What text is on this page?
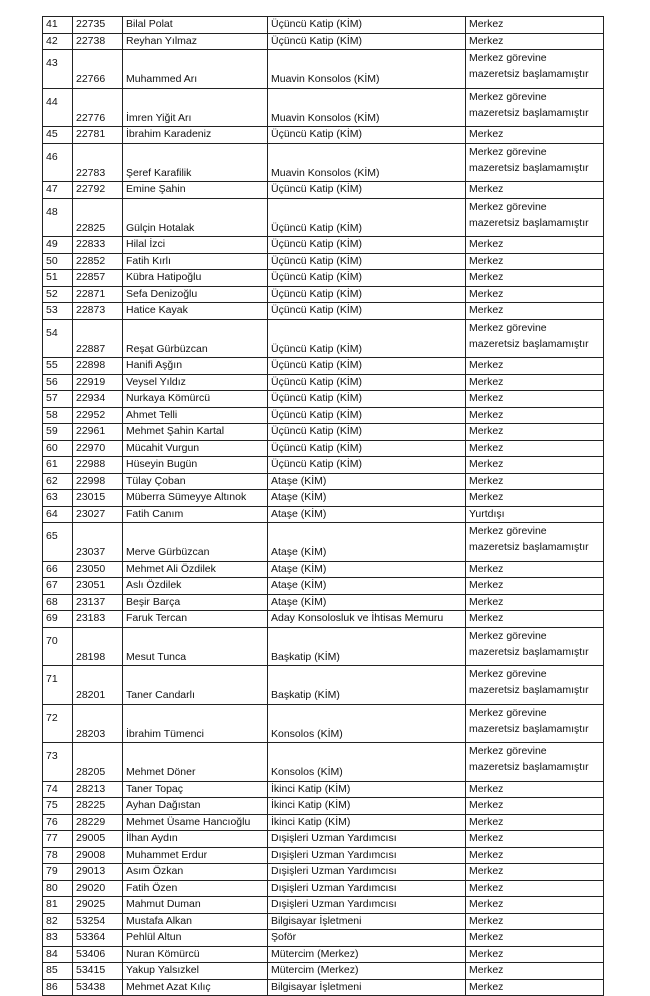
41	22735	Bilal Polat	Üçüncü Katip (KİM)	Merkez
42	22738	Reyhan Yılmaz	Üçüncü Katip (KİM)	Merkez
43	22766	Muhammed Arı	Muavin Konsolos (KİM)	Merkez görevine mazeretsiz başlamamıştır
44	22776	İmren Yiğit Arı	Muavin Konsolos (KİM)	Merkez görevine mazeretsiz başlamamıştır
45	22781	İbrahim Karadeniz	Üçüncü Katip (KİM)	Merkez
46	22783	Şeref Karafilik	Muavin Konsolos (KİM)	Merkez görevine mazeretsiz başlamamıştır
47	22792	Emine Şahin	Üçüncü Katip (KİM)	Merkez
48	22825	Gülçin Hotalak	Üçüncü Katip (KİM)	Merkez görevine mazeretsiz başlamamıştır
49	22833	Hilal İzci	Üçüncü Katip (KİM)	Merkez
50	22852	Fatih Kırlı	Üçüncü Katip (KİM)	Merkez
51	22857	Kübra Hatipoğlu	Üçüncü Katip (KİM)	Merkez
52	22871	Sefa Denizoğlu	Üçüncü Katip (KİM)	Merkez
53	22873	Hatice Kayak	Üçüncü Katip (KİM)	Merkez
54	22887	Reşat Gürbüzcan	Üçüncü Katip (KİM)	Merkez görevine mazeretsiz başlamamıştır
55	22898	Hanifi Aşğın	Üçüncü Katip (KİM)	Merkez
56	22919	Veysel Yıldız	Üçüncü Katip (KİM)	Merkez
57	22934	Nurkaya Kömürcü	Üçüncü Katip (KİM)	Merkez
58	22952	Ahmet Telli	Üçüncü Katip (KİM)	Merkez
59	22961	Mehmet Şahin Kartal	Üçüncü Katip (KİM)	Merkez
60	22970	Mücahit Vurgun	Üçüncü Katip (KİM)	Merkez
61	22988	Hüseyin Bugün	Üçüncü Katip (KİM)	Merkez
62	22998	Tülay Çoban	Ataşe (KİM)	Merkez
63	23015	Müberra Sümeyye Altınok	Ataşe (KİM)	Merkez
64	23027	Fatih Canım	Ataşe (KİM)	Yurtdışı
65	23037	Merve Gürbüzcan	Ataşe (KİM)	Merkez görevine mazeretsiz başlamamıştır
66	23050	Mehmet Ali Özdilek	Ataşe (KİM)	Merkez
67	23051	Aslı Özdilek	Ataşe (KİM)	Merkez
68	23137	Beşir Barça	Ataşe (KİM)	Merkez
69	23183	Faruk Tercan	Aday Konsolosluk ve İhtisas Memuru	Merkez
70	28198	Mesut Tunca	Başkatip (KİM)	Merkez görevine mazeretsiz başlamamıştır
71	28201	Taner Candarlı	Başkatip (KİM)	Merkez görevine mazeretsiz başlamamıştır
72	28203	İbrahim Tümenci	Konsolos (KİM)	Merkez görevine mazeretsiz başlamamıştır
73	28205	Mehmet Döner	Konsolos (KİM)	Merkez görevine mazeretsiz başlamamıştır
74	28213	Taner Topaç	İkinci Katip (KİM)	Merkez
75	28225	Ayhan Dağıstan	İkinci Katip (KİM)	Merkez
76	28229	Mehmet Üsame Hancıoğlu	İkinci Katip (KİM)	Merkez
77	29005	İlhan Aydın	Dışişleri Uzman Yardımcısı	Merkez
78	29008	Muhammet Erdur	Dışişleri Uzman Yardımcısı	Merkez
79	29013	Asım Özkan	Dışişleri Uzman Yardımcısı	Merkez
80	29020	Fatih Özen	Dışişleri Uzman Yardımcısı	Merkez
81	29025	Mahmut Duman	Dışişleri Uzman Yardımcısı	Merkez
82	53254	Mustafa Alkan	Bilgisayar İşletmeni	Merkez
83	53364	Pehlül Altun	Şoför	Merkez
84	53406	Nuran Kömürcü	Mütercim (Merkez)	Merkez
85	53415	Yakup Yalsızkel	Mütercim (Merkez)	Merkez
86	53438	Mehmet Azat Kılıç	Bilgisayar İşletmeni	Merkez
